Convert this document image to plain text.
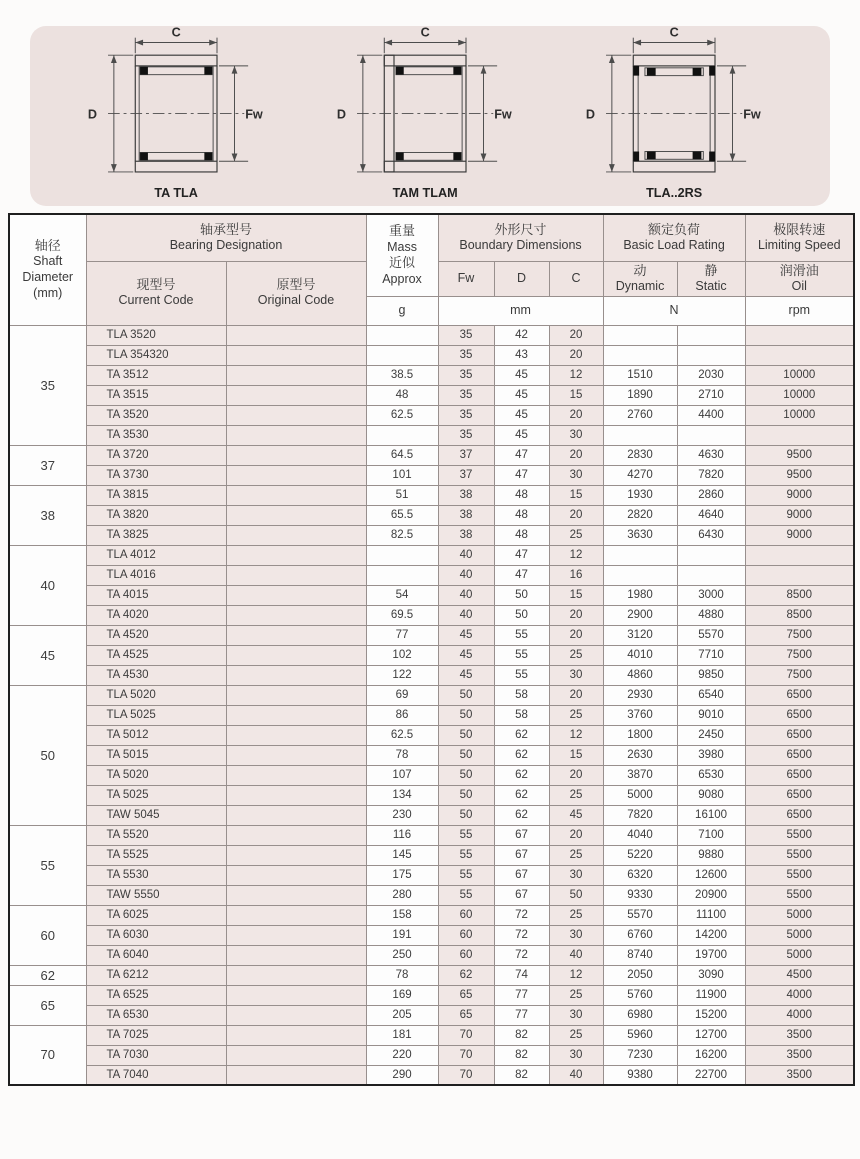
C
D	Fw
TA TLA
C
D	Fw
TAM TLAM
C
D	Fw
TLA..2RS
轴径
Shaft
Diameter
(mm)	轴承型号
Bearing Designation		重量
Mass
近似
Approx	外形尺寸
Boundary Dimensions			额定负荷
Basic Load Rating		极限转速
Limiting Speed

	现型号
Current Code	原型号
Original Code		Fw	D	C	动
Dynamic	静
Static	润滑油
Oil

			g	mm			N		rpm
35	TLA 3520			35	42	20			
	TLA 354320			35	43	20			
	TA 3512		38.5	35	45	12	1510	2030	10000
	TA 3515		48	35	45	15	1890	2710	10000
	TA 3520		62.5	35	45	20	2760	4400	10000
	TA 3530			35	45	30			
37	TA 3720		64.5	37	47	20	2830	4630	9500
	TA 3730		101	37	47	30	4270	7820	9500
38	TA 3815		51	38	48	15	1930	2860	9000
	TA 3820		65.5	38	48	20	2820	4640	9000
	TA 3825		82.5	38	48	25	3630	6430	9000
40	TLA 4012			40	47	12			
	TLA 4016			40	47	16			
	TA 4015		54	40	50	15	1980	3000	8500
	TA 4020		69.5	40	50	20	2900	4880	8500
45	TA 4520		77	45	55	20	3120	5570	7500
	TA 4525		102	45	55	25	4010	7710	7500
	TA 4530		122	45	55	30	4860	9850	7500
50	TLA 5020		69	50	58	20	2930	6540	6500
	TLA 5025		86	50	58	25	3760	9010	6500
	TA 5012		62.5	50	62	12	1800	2450	6500
	TA 5015		78	50	62	15	2630	3980	6500
	TA 5020		107	50	62	20	3870	6530	6500
	TA 5025		134	50	62	25	5000	9080	6500
	TAW 5045		230	50	62	45	7820	16100	6500
55	TA 5520		116	55	67	20	4040	7100	5500
	TA 5525		145	55	67	25	5220	9880	5500
	TA 5530		175	55	67	30	6320	12600	5500
	TAW 5550		280	55	67	50	9330	20900	5500
60	TA 6025		158	60	72	25	5570	11100	5000
	TA 6030		191	60	72	30	6760	14200	5000
	TA 6040		250	60	72	40	8740	19700	5000
62	TA 6212		78	62	74	12	2050	3090	4500
65	TA 6525		169	65	77	25	5760	11900	4000
	TA 6530		205	65	77	30	6980	15200	4000
70	TA 7025		181	70	82	25	5960	12700	3500
	TA 7030		220	70	82	30	7230	16200	3500
	TA 7040		290	70	82	40	9380	22700	3500
